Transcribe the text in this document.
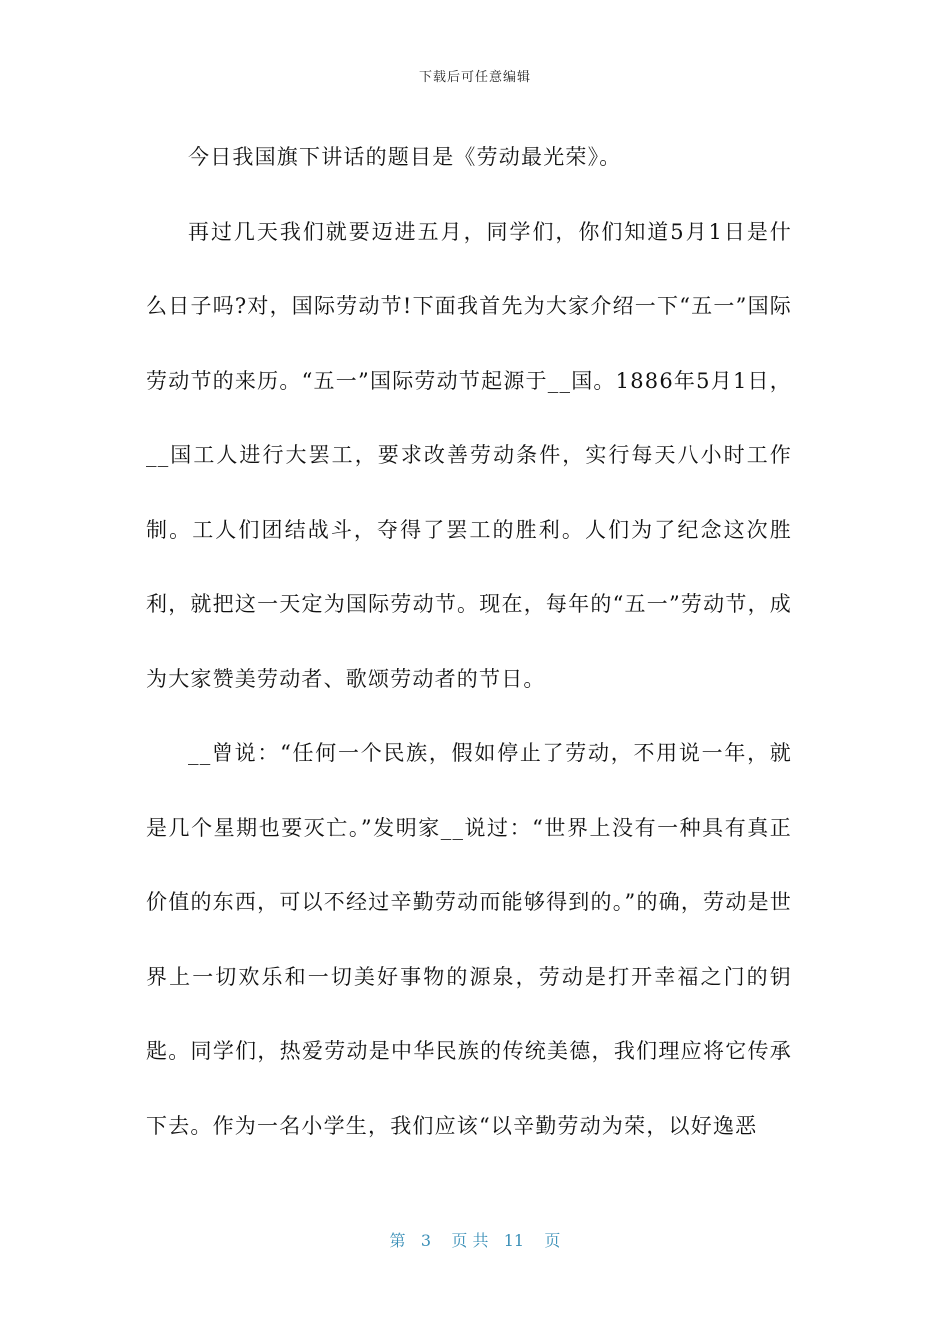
下载后可任意编辑

今日我国旗下讲话的题目是《劳动最光荣》。

再过几天我们就要迈进五月，同学们，你们知道5月1日是什么日子吗?对，国际劳动节!下面我首先为大家介绍一下“五一”国际劳动节的来历。“五一”国际劳动节起源于__国。1886年5月1日，__国工人进行大罢工，要求改善劳动条件，实行每天八小时工作制。工人们团结战斗，夺得了罢工的胜利。人们为了纪念这次胜利，就把这一天定为国际劳动节。现在，每年的“五一”劳动节，成为大家赞美劳动者、歌颂劳动者的节日。

__曾说：“任何一个民族，假如停止了劳动，不用说一年，就是几个星期也要灭亡。”发明家__说过：“世界上没有一种具有真正价值的东西，可以不经过辛勤劳动而能够得到的。”的确，劳动是世界上一切欢乐和一切美好事物的源泉，劳动是打开幸福之门的钥匙。同学们，热爱劳动是中华民族的传统美德，我们理应将它传承下去。作为一名小学生，我们应该“以辛勤劳动为荣，以好逸恶

第 3 页 共 11 页
